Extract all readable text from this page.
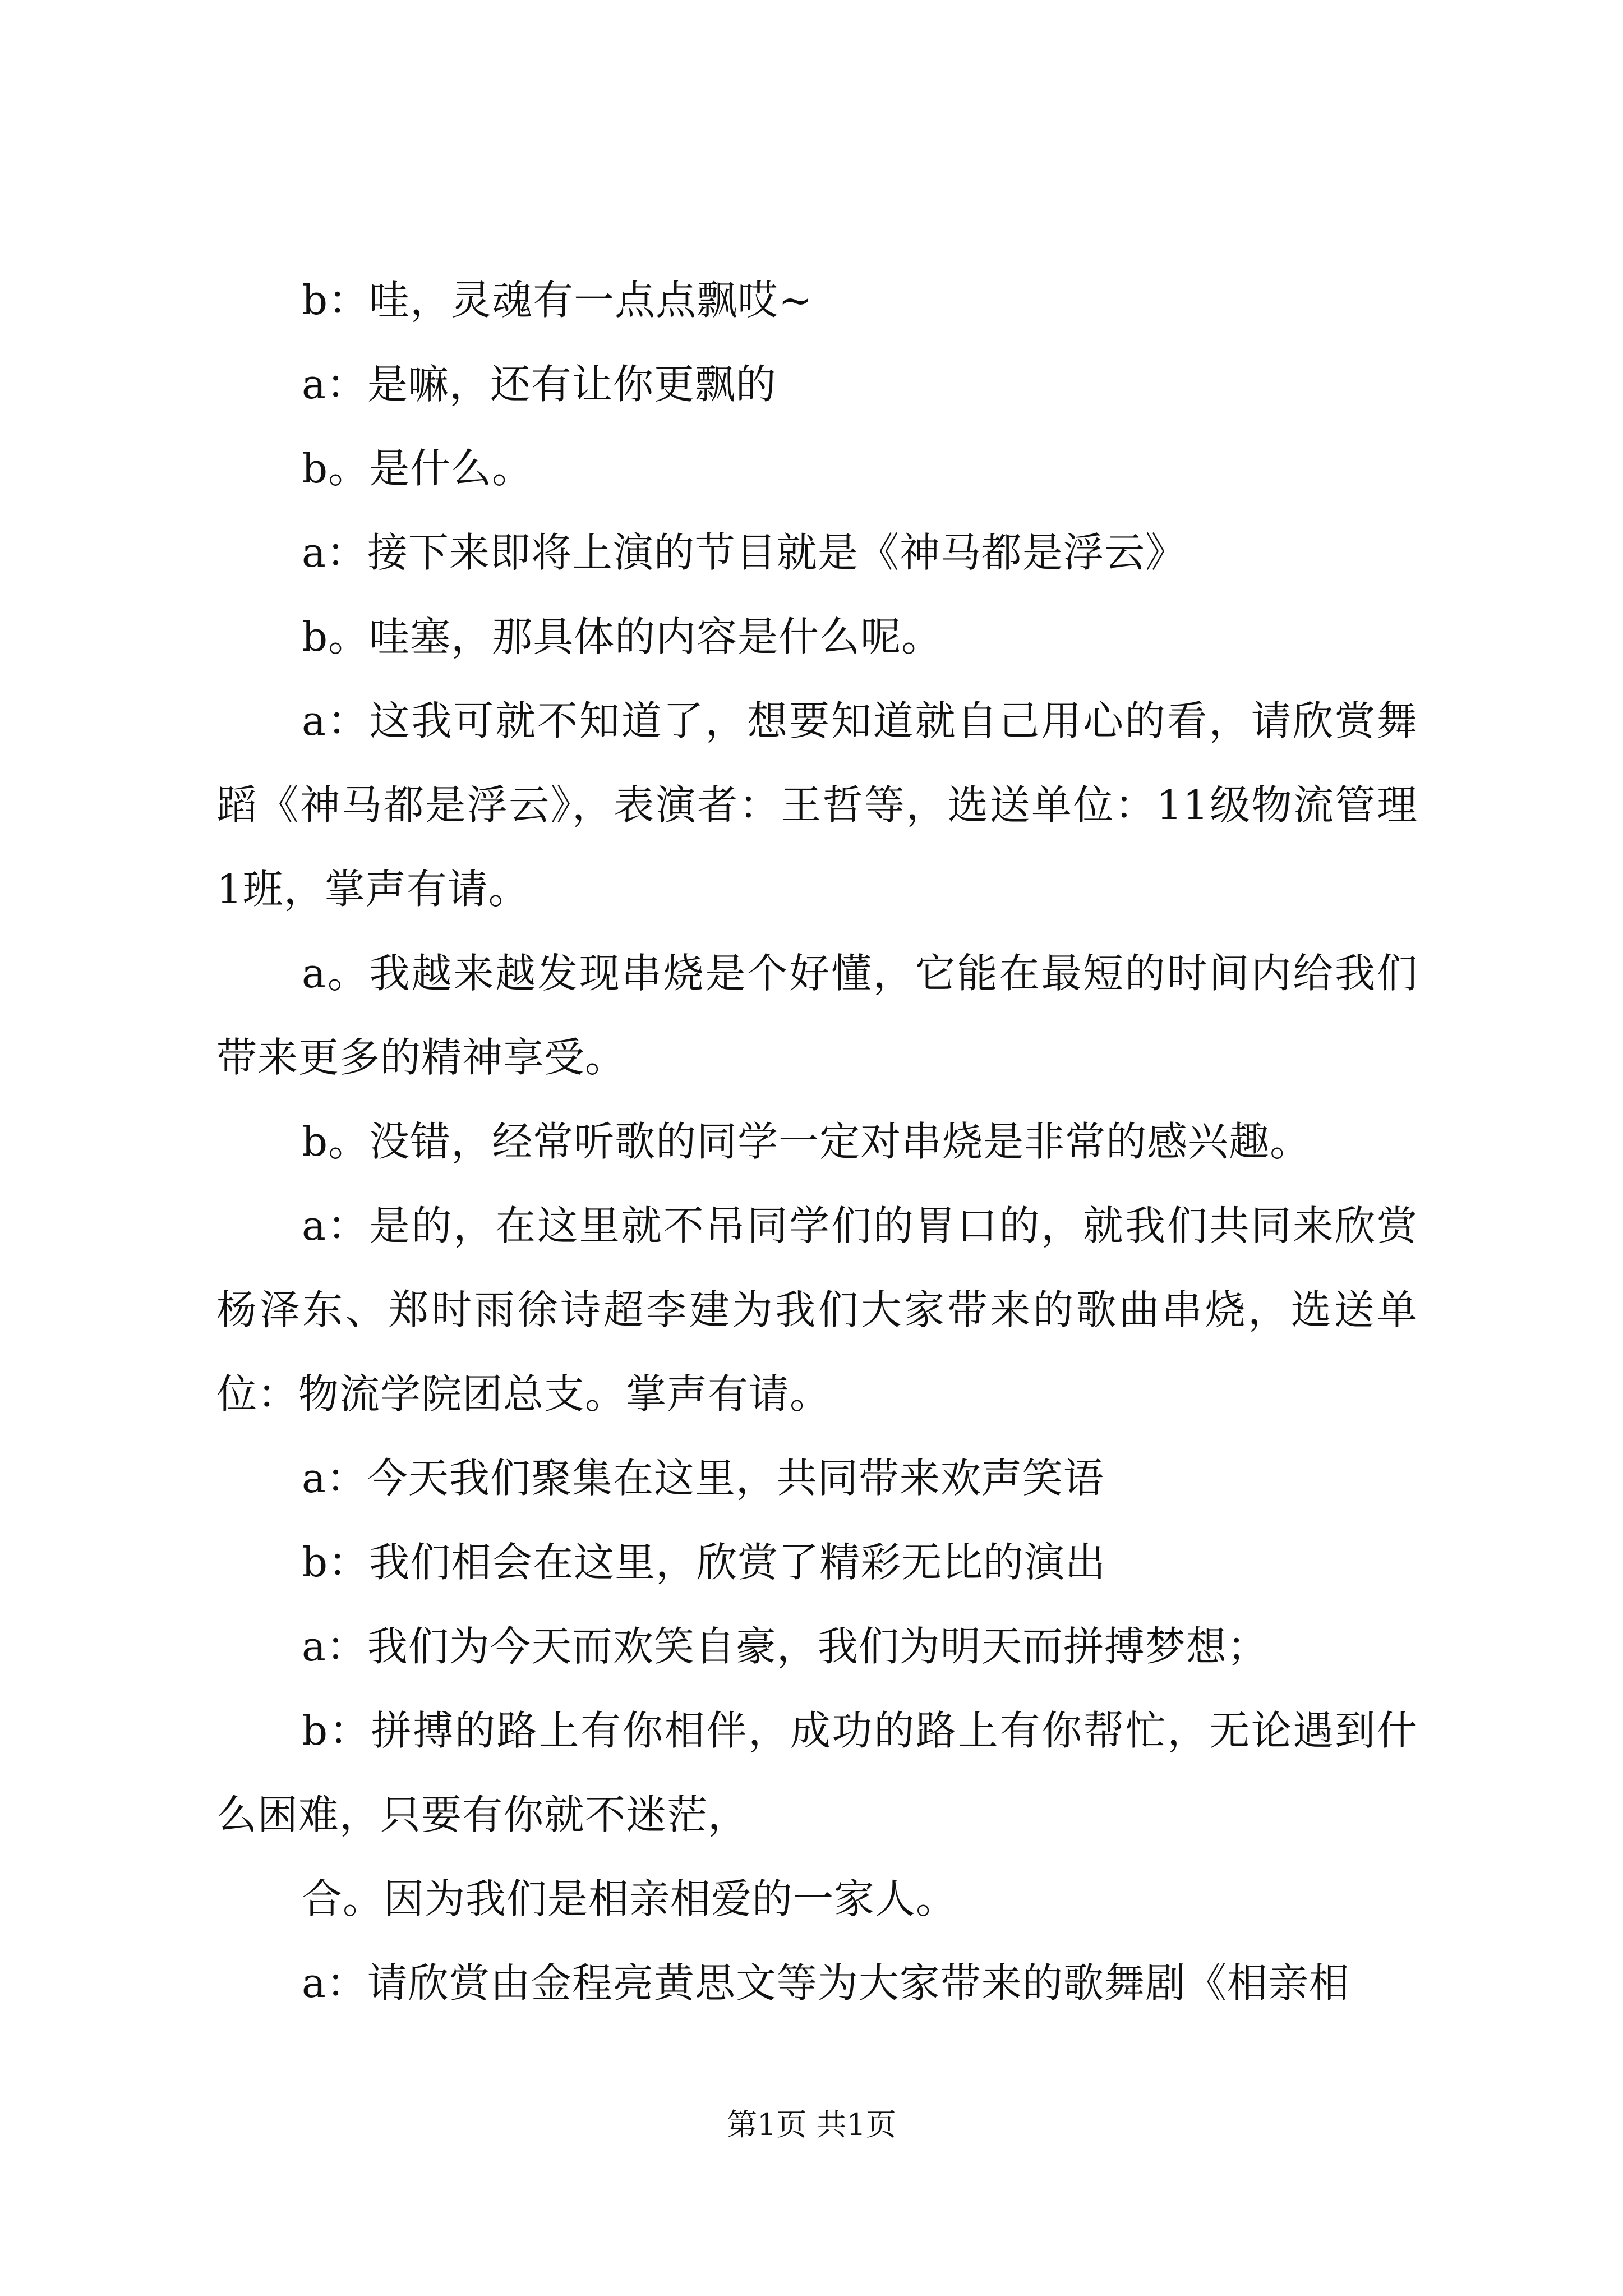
b：哇，灵魂有一点点飘哎~

a：是嘛，还有让你更飘的

b。是什么。

a：接下来即将上演的节目就是《神马都是浮云》

b。哇塞，那具体的内容是什么呢。

a：这我可就不知道了，想要知道就自己用心的看，请欣赏舞蹈《神马都是浮云》，表演者：王哲等，选送单位：11级物流管理1班，掌声有请。

a。我越来越发现串烧是个好懂，它能在最短的时间内给我们带来更多的精神享受。

b。没错，经常听歌的同学一定对串烧是非常的感兴趣。

a：是的，在这里就不吊同学们的胃口的，就我们共同来欣赏杨泽东、郑时雨徐诗超李建为我们大家带来的歌曲串烧，选送单位：物流学院团总支。掌声有请。

a：今天我们聚集在这里，共同带来欢声笑语

b：我们相会在这里，欣赏了精彩无比的演出

a：我们为今天而欢笑自豪，我们为明天而拼搏梦想；

b：拼搏的路上有你相伴，成功的路上有你帮忙，无论遇到什么困难，只要有你就不迷茫，

合。因为我们是相亲相爱的一家人。

a：请欣赏由金程亮黄思文等为大家带来的歌舞剧《相亲相

第1页 共1页
